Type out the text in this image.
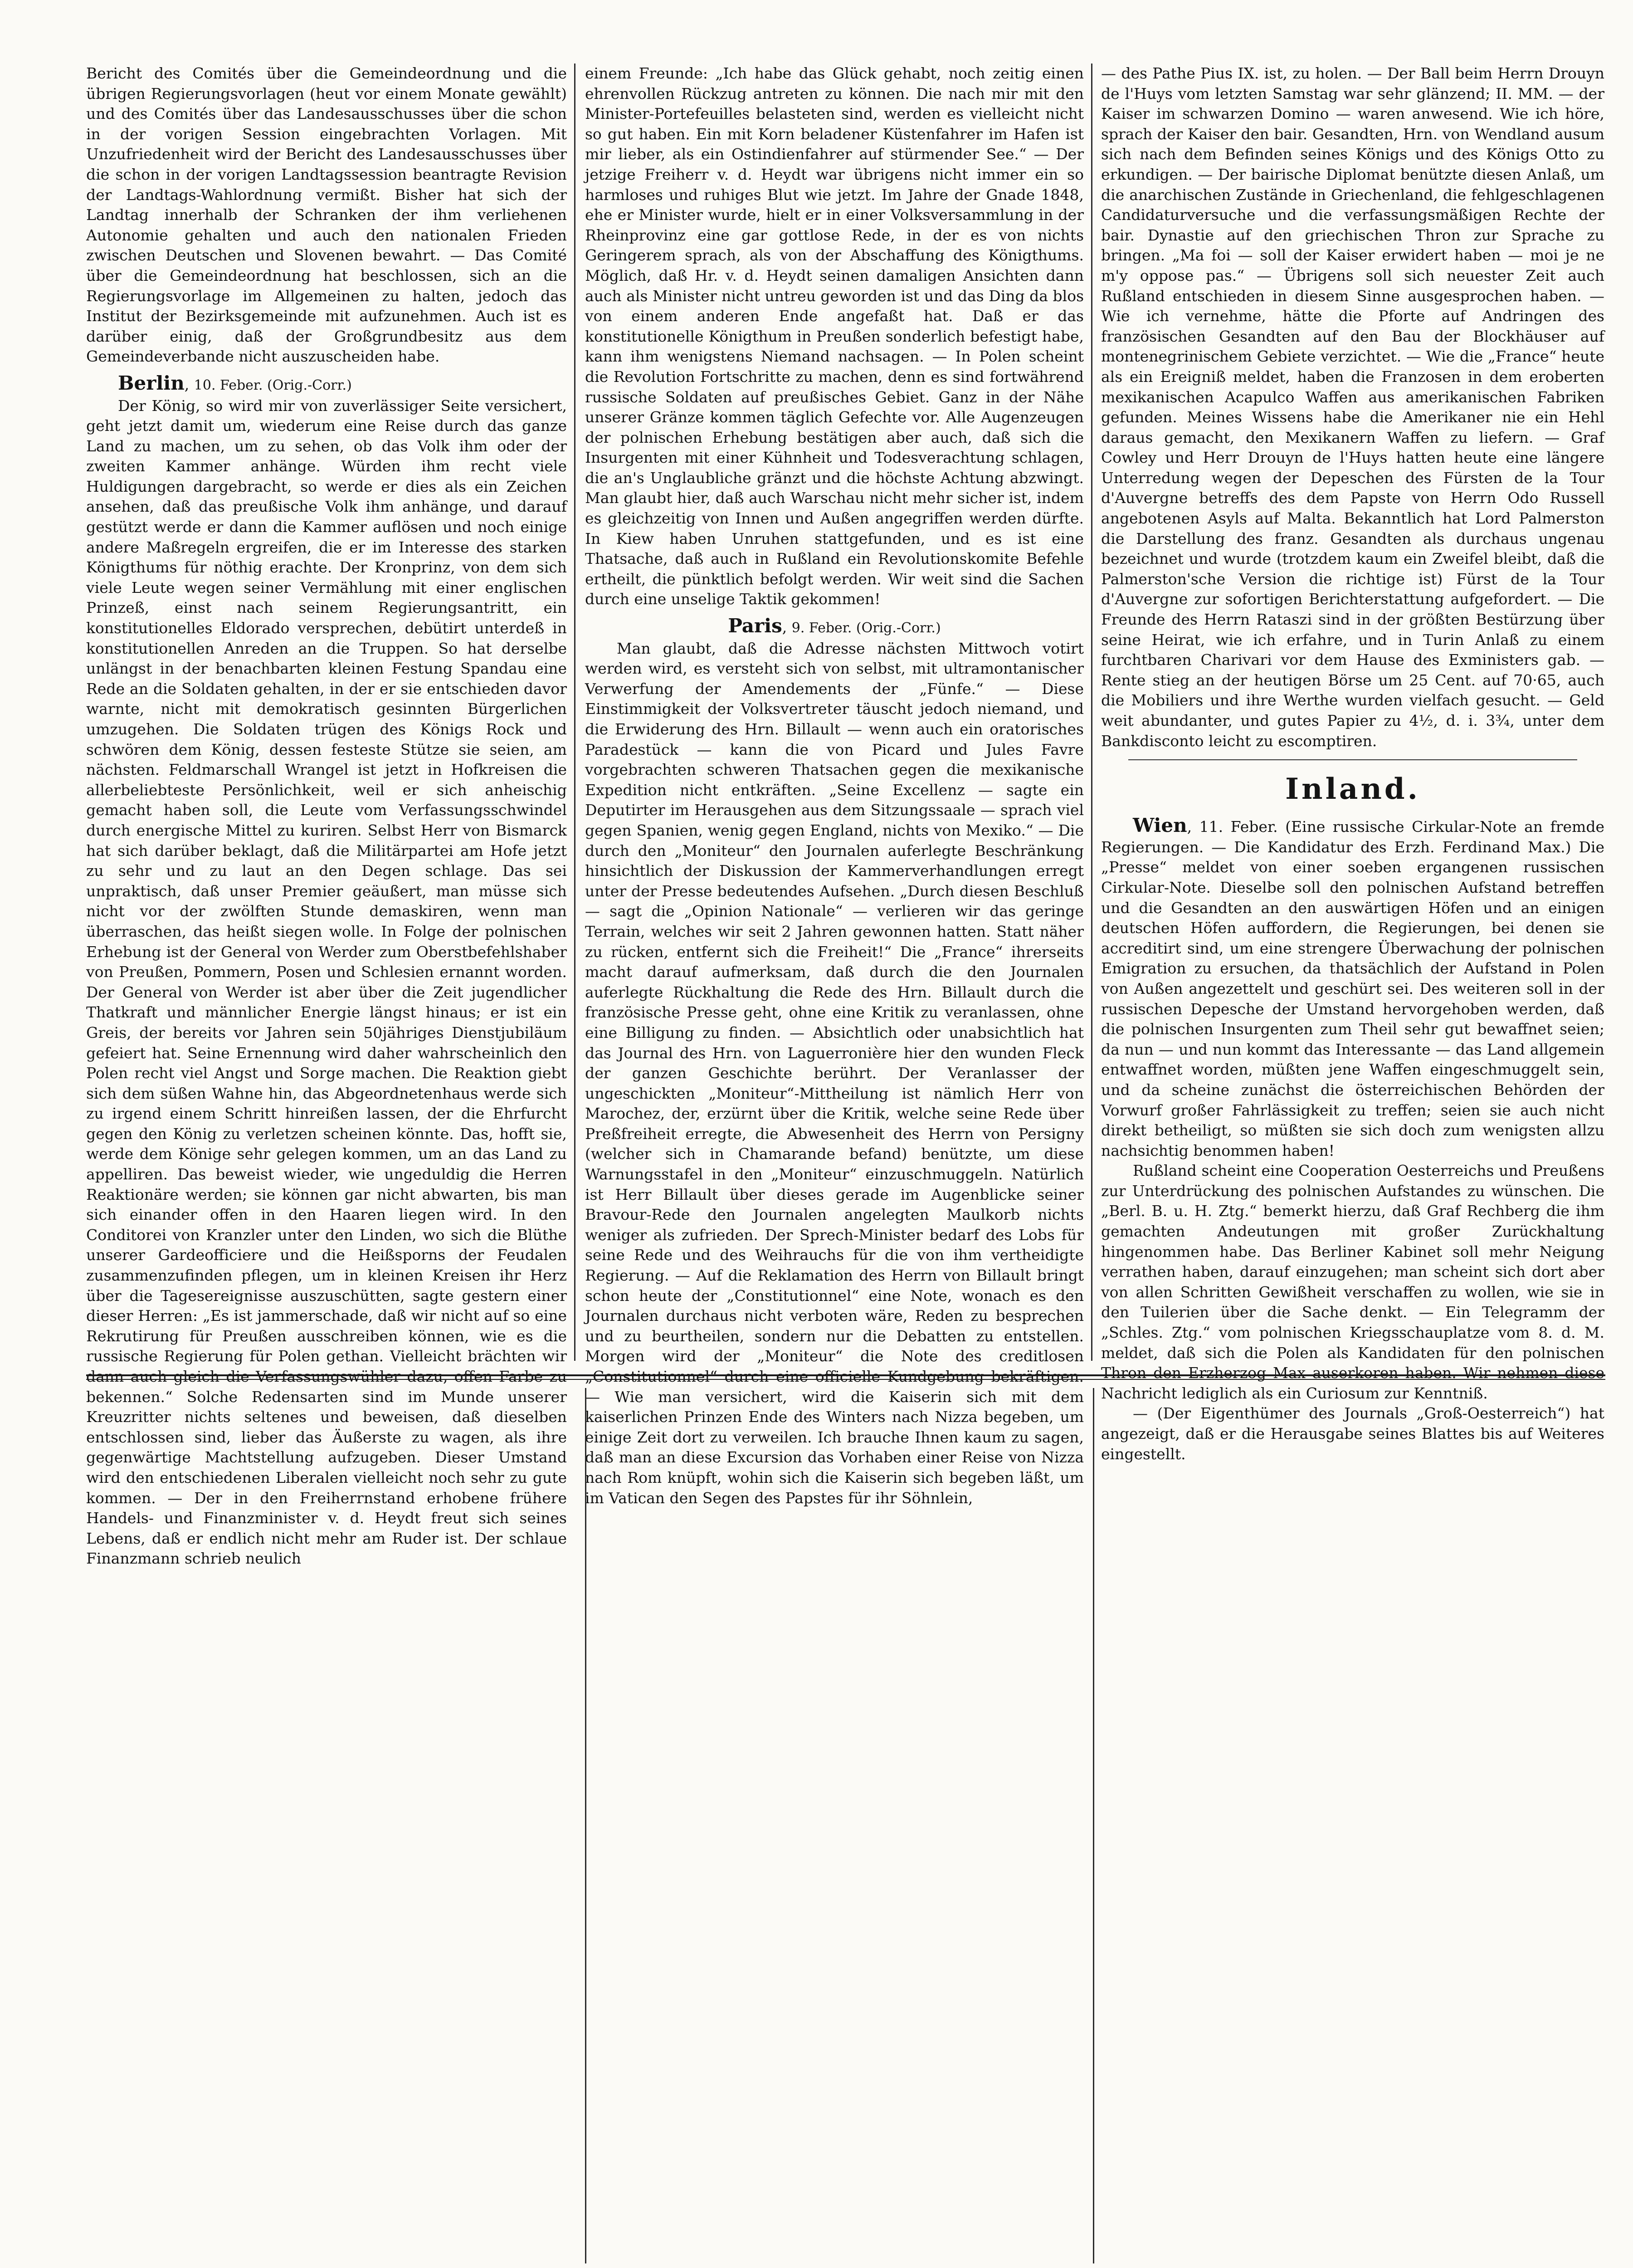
Bericht des Comités über die Gemeindeordnung und die übrigen Regierungsvorlagen (heut vor einem Monate gewählt) und des Comités über das Landesausschusses über die schon in der vorigen Session eingebrachten Vorlagen. Mit Unzufriedenheit wird der Bericht des Landesausschusses über die schon in der vorigen Landtagssession beantragte Revision der Landtags-Wahlordnung vermißt. Bisher hat sich der Landtag innerhalb der Schranken der ihm verliehenen Autonomie gehalten und auch den nationalen Frieden zwischen Deutschen und Slovenen bewahrt. — Das Comité über die Gemeindeordnung hat beschlossen, sich an die Regierungsvorlage im Allgemeinen zu halten, jedoch das Institut der Bezirksgemeinde mit aufzunehmen. Auch ist es darüber einig, daß der Großgrundbesitz aus dem Gemeindeverbande nicht auszuscheiden habe.

Berlin, 10. Feber. (Orig.-Corr.)

Der König, so wird mir von zuverlässiger Seite versichert, geht jetzt damit um, wiederum eine Reise durch das ganze Land zu machen, um zu sehen, ob das Volk ihm oder der zweiten Kammer anhänge. Würden ihm recht viele Huldigungen dargebracht, so werde er dies als ein Zeichen ansehen, daß das preußische Volk ihm anhänge, und darauf gestützt werde er dann die Kammer auflösen und noch einige andere Maßregeln ergreifen, die er im Interesse des starken Königthums für nöthig erachte. Der Kronprinz, von dem sich viele Leute wegen seiner Vermählung mit einer englischen Prinzeß, einst nach seinem Regierungsantritt, ein konstitutionelles Eldorado versprechen, debütirt unterdeß in konstitutionellen Anreden an die Truppen. So hat derselbe unlängst in der benachbarten kleinen Festung Spandau eine Rede an die Soldaten gehalten, in der er sie entschieden davor warnte, nicht mit demokratisch gesinnten Bürgerlichen umzugehen. Die Soldaten trügen des Königs Rock und schwören dem König, dessen festeste Stütze sie seien, am nächsten. Feldmarschall Wrangel ist jetzt in Hofkreisen die allerbeliebteste Persönlichkeit, weil er sich anheischig gemacht haben soll, die Leute vom Verfassungsschwindel durch energische Mittel zu kuriren. Selbst Herr von Bismarck hat sich darüber beklagt, daß die Militärpartei am Hofe jetzt zu sehr und zu laut an den Degen schlage. Das sei unpraktisch, daß unser Premier geäußert, man müsse sich nicht vor der zwölften Stunde demaskiren, wenn man überraschen, das heißt siegen wolle. In Folge der polnischen Erhebung ist der General von Werder zum Oberstbefehlshaber von Preußen, Pommern, Posen und Schlesien ernannt worden. Der General von Werder ist aber über die Zeit jugendlicher Thatkraft und männlicher Energie längst hinaus; er ist ein Greis, der bereits vor Jahren sein 50jähriges Dienstjubiläum gefeiert hat. Seine Ernennung wird daher wahrscheinlich den Polen recht viel Angst und Sorge machen. Die Reaktion giebt sich dem süßen Wahne hin, das Abgeordnetenhaus werde sich zu irgend einem Schritt hinreißen lassen, der die Ehrfurcht gegen den König zu verletzen scheinen könnte. Das, hofft sie, werde dem Könige sehr gelegen kommen, um an das Land zu appelliren. Das beweist wieder, wie ungeduldig die Herren Reaktionäre werden; sie können gar nicht abwarten, bis man sich einander offen in den Haaren liegen wird. In den Conditorei von Kranzler unter den Linden, wo sich die Blüthe unserer Gardeofficiere und die Heißsporns der Feudalen zusammenzufinden pflegen, um in kleinen Kreisen ihr Herz über die Tagesereignisse auszuschütten, sagte gestern einer dieser Herren: „Es ist jammerschade, daß wir nicht auf so eine Rekrutirung für Preußen ausschreiben können, wie es die russische Regierung für Polen gethan. Vielleicht brächten wir dann auch gleich die Verfassungswühler dazu, offen Farbe zu bekennen.“ Solche Redensarten sind im Munde unserer Kreuzritter nichts seltenes und beweisen, daß dieselben entschlossen sind, lieber das Äußerste zu wagen, als ihre gegenwärtige Machtstellung aufzugeben. Dieser Umstand wird den entschiedenen Liberalen vielleicht noch sehr zu gute kommen. — Der in den Freiherrnstand erhobene frühere Handels- und Finanzminister v. d. Heydt freut sich seines Lebens, daß er endlich nicht mehr am Ruder ist. Der schlaue Finanzmann schrieb neulich

einem Freunde: „Ich habe das Glück gehabt, noch zeitig einen ehrenvollen Rückzug antreten zu können. Die nach mir mit den Minister-Portefeuilles belasteten sind, werden es vielleicht nicht so gut haben. Ein mit Korn beladener Küstenfahrer im Hafen ist mir lieber, als ein Ostindienfahrer auf stürmender See.“ — Der jetzige Freiherr v. d. Heydt war übrigens nicht immer ein so harmloses und ruhiges Blut wie jetzt. Im Jahre der Gnade 1848, ehe er Minister wurde, hielt er in einer Volksversammlung in der Rheinprovinz eine gar gottlose Rede, in der es von nichts Geringerem sprach, als von der Abschaffung des Königthums. Möglich, daß Hr. v. d. Heydt seinen damaligen Ansichten dann auch als Minister nicht untreu geworden ist und das Ding da blos von einem anderen Ende angefaßt hat. Daß er das konstitutionelle Königthum in Preußen sonderlich befestigt habe, kann ihm wenigstens Niemand nachsagen. — In Polen scheint die Revolution Fortschritte zu machen, denn es sind fortwährend russische Soldaten auf preußisches Gebiet. Ganz in der Nähe unserer Gränze kommen täglich Gefechte vor. Alle Augenzeugen der polnischen Erhebung bestätigen aber auch, daß sich die Insurgenten mit einer Kühnheit und Todesverachtung schlagen, die an's Unglaubliche gränzt und die höchste Achtung abzwingt. Man glaubt hier, daß auch Warschau nicht mehr sicher ist, indem es gleichzeitig von Innen und Außen angegriffen werden dürfte. In Kiew haben Unruhen stattgefunden, und es ist eine Thatsache, daß auch in Rußland ein Revolutionskomite Befehle ertheilt, die pünktlich befolgt werden. Wir weit sind die Sachen durch eine unselige Taktik gekommen!

Paris, 9. Feber. (Orig.-Corr.)

Man glaubt, daß die Adresse nächsten Mittwoch votirt werden wird, es versteht sich von selbst, mit ultramontanischer Verwerfung der Amendements der „Fünfe.“ — Diese Einstimmigkeit der Volksvertreter täuscht jedoch niemand, und die Erwiderung des Hrn. Billault — wenn auch ein oratorisches Paradestück — kann die von Picard und Jules Favre vorgebrachten schweren Thatsachen gegen die mexikanische Expedition nicht entkräften. „Seine Excellenz — sagte ein Deputirter im Herausgehen aus dem Sitzungssaale — sprach viel gegen Spanien, wenig gegen England, nichts von Mexiko.“ — Die durch den „Moniteur“ den Journalen auferlegte Beschränkung hinsichtlich der Diskussion der Kammerverhandlungen erregt unter der Presse bedeutendes Aufsehen. „Durch diesen Beschluß — sagt die „Opinion Nationale“ — verlieren wir das geringe Terrain, welches wir seit 2 Jahren gewonnen hatten. Statt näher zu rücken, entfernt sich die Freiheit!“ Die „France“ ihrerseits macht darauf aufmerksam, daß durch die den Journalen auferlegte Rückhaltung die Rede des Hrn. Billault durch die französische Presse geht, ohne eine Kritik zu veranlassen, ohne eine Billigung zu finden. — Absichtlich oder unabsichtlich hat das Journal des Hrn. von Laguerronière hier den wunden Fleck der ganzen Geschichte berührt. Der Veranlasser der ungeschickten „Moniteur“-Mittheilung ist nämlich Herr von Marochez, der, erzürnt über die Kritik, welche seine Rede über Preßfreiheit erregte, die Abwesenheit des Herrn von Persigny (welcher sich in Chamarande befand) benützte, um diese Warnungsstafel in den „Moniteur“ einzuschmuggeln. Natürlich ist Herr Billault über dieses gerade im Augenblicke seiner Bravour-Rede den Journalen angelegten Maulkorb nichts weniger als zufrieden. Der Sprech-Minister bedarf des Lobs für seine Rede und des Weihrauchs für die von ihm vertheidigte Regierung. — Auf die Reklamation des Herrn von Billault bringt schon heute der „Constitutionnel“ eine Note, wonach es den Journalen durchaus nicht verboten wäre, Reden zu besprechen und zu beurtheilen, sondern nur die Debatten zu entstellen. Morgen wird der „Moniteur“ die Note des creditlosen „Constitutionnel“ durch eine officielle Kundgebung bekräftigen. — Wie man versichert, wird die Kaiserin sich mit dem kaiserlichen Prinzen Ende des Winters nach Nizza begeben, um einige Zeit dort zu verweilen. Ich brauche Ihnen kaum zu sagen, daß man an diese Excursion das Vorhaben einer Reise von Nizza nach Rom knüpft, wohin sich die Kaiserin sich begeben läßt, um im Vatican den Segen des Papstes für ihr Söhnlein,

— des Pathe Pius IX. ist, zu holen. — Der Ball beim Herrn Drouyn de l'Huys vom letzten Samstag war sehr glänzend; II. MM. — der Kaiser im schwarzen Domino — waren anwesend. Wie ich höre, sprach der Kaiser den bair. Gesandten, Hrn. von Wendland ausum sich nach dem Befinden seines Königs und des Königs Otto zu erkundigen. — Der bairische Diplomat benützte diesen Anlaß, um die anarchischen Zustände in Griechenland, die fehlgeschlagenen Candidaturversuche und die verfassungsmäßigen Rechte der bair. Dynastie auf den griechischen Thron zur Sprache zu bringen. „Ma foi — soll der Kaiser erwidert haben — moi je ne m'y oppose pas.“ — Übrigens soll sich neuester Zeit auch Rußland entschieden in diesem Sinne ausgesprochen haben. — Wie ich vernehme, hätte die Pforte auf Andringen des französischen Gesandten auf den Bau der Blockhäuser auf montenegrinischem Gebiete verzichtet. — Wie die „France“ heute als ein Ereigniß meldet, haben die Franzosen in dem eroberten mexikanischen Acapulco Waffen aus amerikanischen Fabriken gefunden. Meines Wissens habe die Amerikaner nie ein Hehl daraus gemacht, den Mexikanern Waffen zu liefern. — Graf Cowley und Herr Drouyn de l'Huys hatten heute eine längere Unterredung wegen der Depeschen des Fürsten de la Tour d'Auvergne betreffs des dem Papste von Herrn Odo Russell angebotenen Asyls auf Malta. Bekanntlich hat Lord Palmerston die Darstellung des franz. Gesandten als durchaus ungenau bezeichnet und wurde (trotzdem kaum ein Zweifel bleibt, daß die Palmerston'sche Version die richtige ist) Fürst de la Tour d'Auvergne zur sofortigen Berichterstattung aufgefordert. — Die Freunde des Herrn Rataszi sind in der größten Bestürzung über seine Heirat, wie ich erfahre, und in Turin Anlaß zu einem furchtbaren Charivari vor dem Hause des Exministers gab. — Rente stieg an der heutigen Börse um 25 Cent. auf 70·65, auch die Mobiliers und ihre Werthe wurden vielfach gesucht. — Geld weit abundanter, und gutes Papier zu 4½, d. i. 3¾, unter dem Bankdisconto leicht zu escomptiren.

Inland.

Wien, 11. Feber. (Eine russische Cirkular-Note an fremde Regierungen. — Die Kandidatur des Erzh. Ferdinand Max.) Die „Presse“ meldet von einer soeben ergangenen russischen Cirkular-Note. Dieselbe soll den polnischen Aufstand betreffen und die Gesandten an den auswärtigen Höfen und an einigen deutschen Höfen auffordern, die Regierungen, bei denen sie accreditirt sind, um eine strengere Überwachung der polnischen Emigration zu ersuchen, da thatsächlich der Aufstand in Polen von Außen angezettelt und geschürt sei. Des weiteren soll in der russischen Depesche der Umstand hervorgehoben werden, daß die polnischen Insurgenten zum Theil sehr gut bewaffnet seien; da nun — und nun kommt das Interessante — das Land allgemein entwaffnet worden, müßten jene Waffen eingeschmuggelt sein, und da scheine zunächst die österreichischen Behörden der Vorwurf großer Fahrlässigkeit zu treffen; seien sie auch nicht direkt betheiligt, so müßten sie sich doch zum wenigsten allzu nachsichtig benommen haben!

Rußland scheint eine Cooperation Oesterreichs und Preußens zur Unterdrückung des polnischen Aufstandes zu wünschen. Die „Berl. B. u. H. Ztg.“ bemerkt hierzu, daß Graf Rechberg die ihm gemachten Andeutungen mit großer Zurückhaltung hingenommen habe. Das Berliner Kabinet soll mehr Neigung verrathen haben, darauf einzugehen; man scheint sich dort aber von allen Schritten Gewißheit verschaffen zu wollen, wie sie in den Tuilerien über die Sache denkt. — Ein Telegramm der „Schles. Ztg.“ vom polnischen Kriegsschauplatze vom 8. d. M. meldet, daß sich die Polen als Kandidaten für den polnischen Thron den Erzherzog Max auserkoren haben. Wir nehmen diese Nachricht lediglich als ein Curiosum zur Kenntniß.

— (Der Eigenthümer des Journals „Groß-Oesterreich“) hat angezeigt, daß er die Herausgabe seines Blattes bis auf Weiteres eingestellt.
